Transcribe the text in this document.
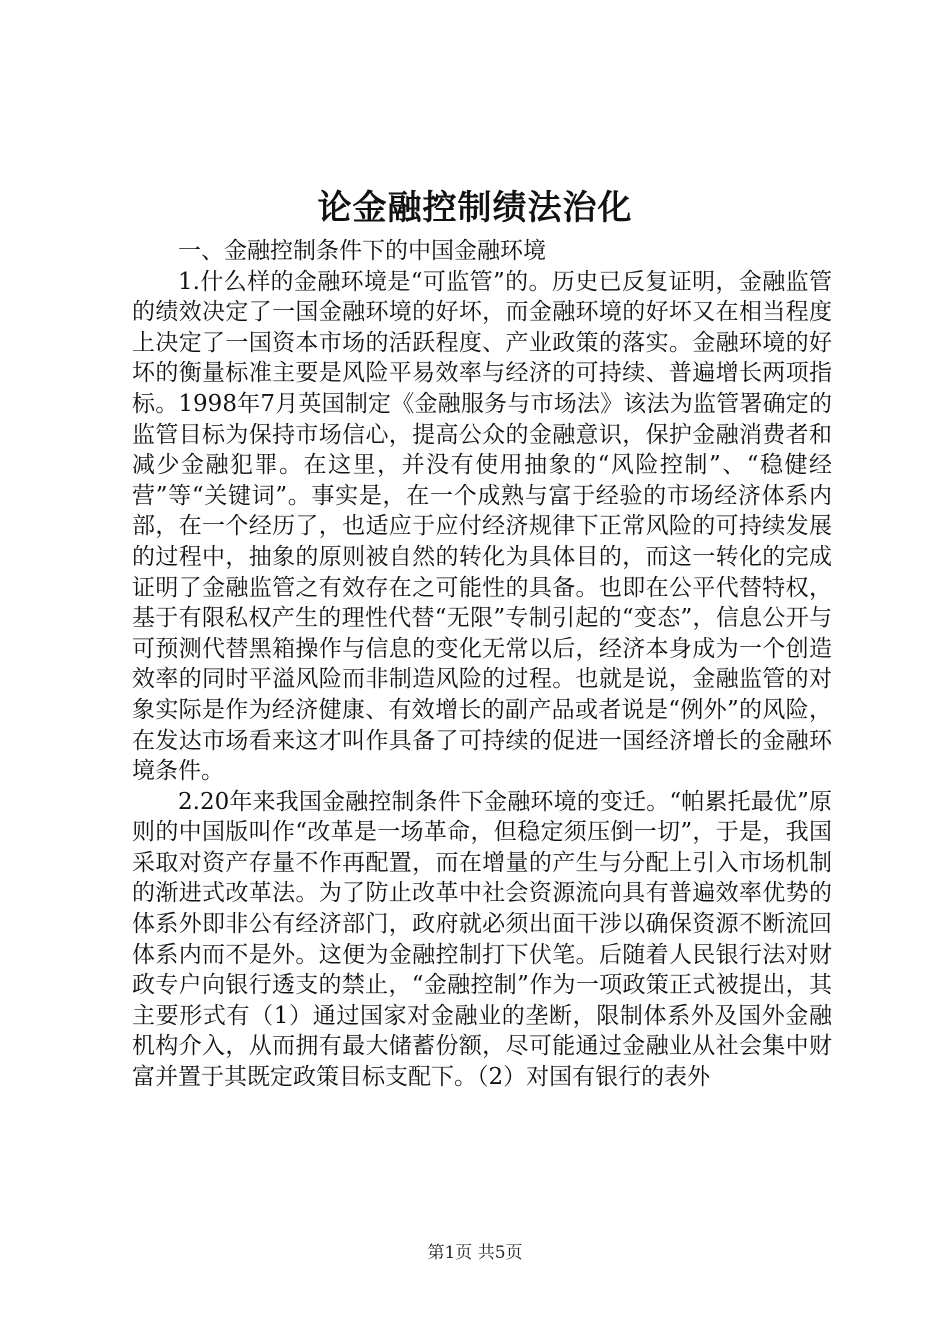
论金融控制绩法治化

一、金融控制条件下的中国金融环境

1.什么样的金融环境是“可监管”的。历史已反复证明，金融监管的绩效决定了一国金融环境的好坏，而金融环境的好坏又在相当程度上决定了一国资本市场的活跃程度、产业政策的落实。金融环境的好坏的衡量标准主要是风险平易效率与经济的可持续、普遍增长两项指标。1998年7月英国制定《金融服务与市场法》该法为监管署确定的监管目标为保持市场信心，提高公众的金融意识，保护金融消费者和减少金融犯罪。在这里，并没有使用抽象的“风险控制”、“稳健经营”等“关键词”。事实是，在一个成熟与富于经验的市场经济体系内部，在一个经历了，也适应于应付经济规律下正常风险的可持续发展的过程中，抽象的原则被自然的转化为具体目的，而这一转化的完成证明了金融监管之有效存在之可能性的具备。也即在公平代替特权，基于有限私权产生的理性代替“无限”专制引起的“变态”，信息公开与可预测代替黑箱操作与信息的变化无常以后，经济本身成为一个创造效率的同时平溢风险而非制造风险的过程。也就是说，金融监管的对象实际是作为经济健康、有效增长的副产品或者说是“例外”的风险，在发达市场看来这才叫作具备了可持续的促进一国经济增长的金融环境条件。

2.20年来我国金融控制条件下金融环境的变迁。“帕累托最优”原则的中国版叫作“改革是一场革命，但稳定须压倒一切”，于是，我国采取对资产存量不作再配置，而在增量的产生与分配上引入市场机制的渐进式改革法。为了防止改革中社会资源流向具有普遍效率优势的体系外即非公有经济部门，政府就必须出面干涉以确保资源不断流回体系内而不是外。这便为金融控制打下伏笔。后随着人民银行法对财政专户向银行透支的禁止，“金融控制”作为一项政策正式被提出，其主要形式有（1）通过国家对金融业的垄断，限制体系外及国外金融机构介入，从而拥有最大储蓄份额，尽可能通过金融业从社会集中财富并置于其既定政策目标支配下。（2）对国有银行的表外

第1页 共5页
